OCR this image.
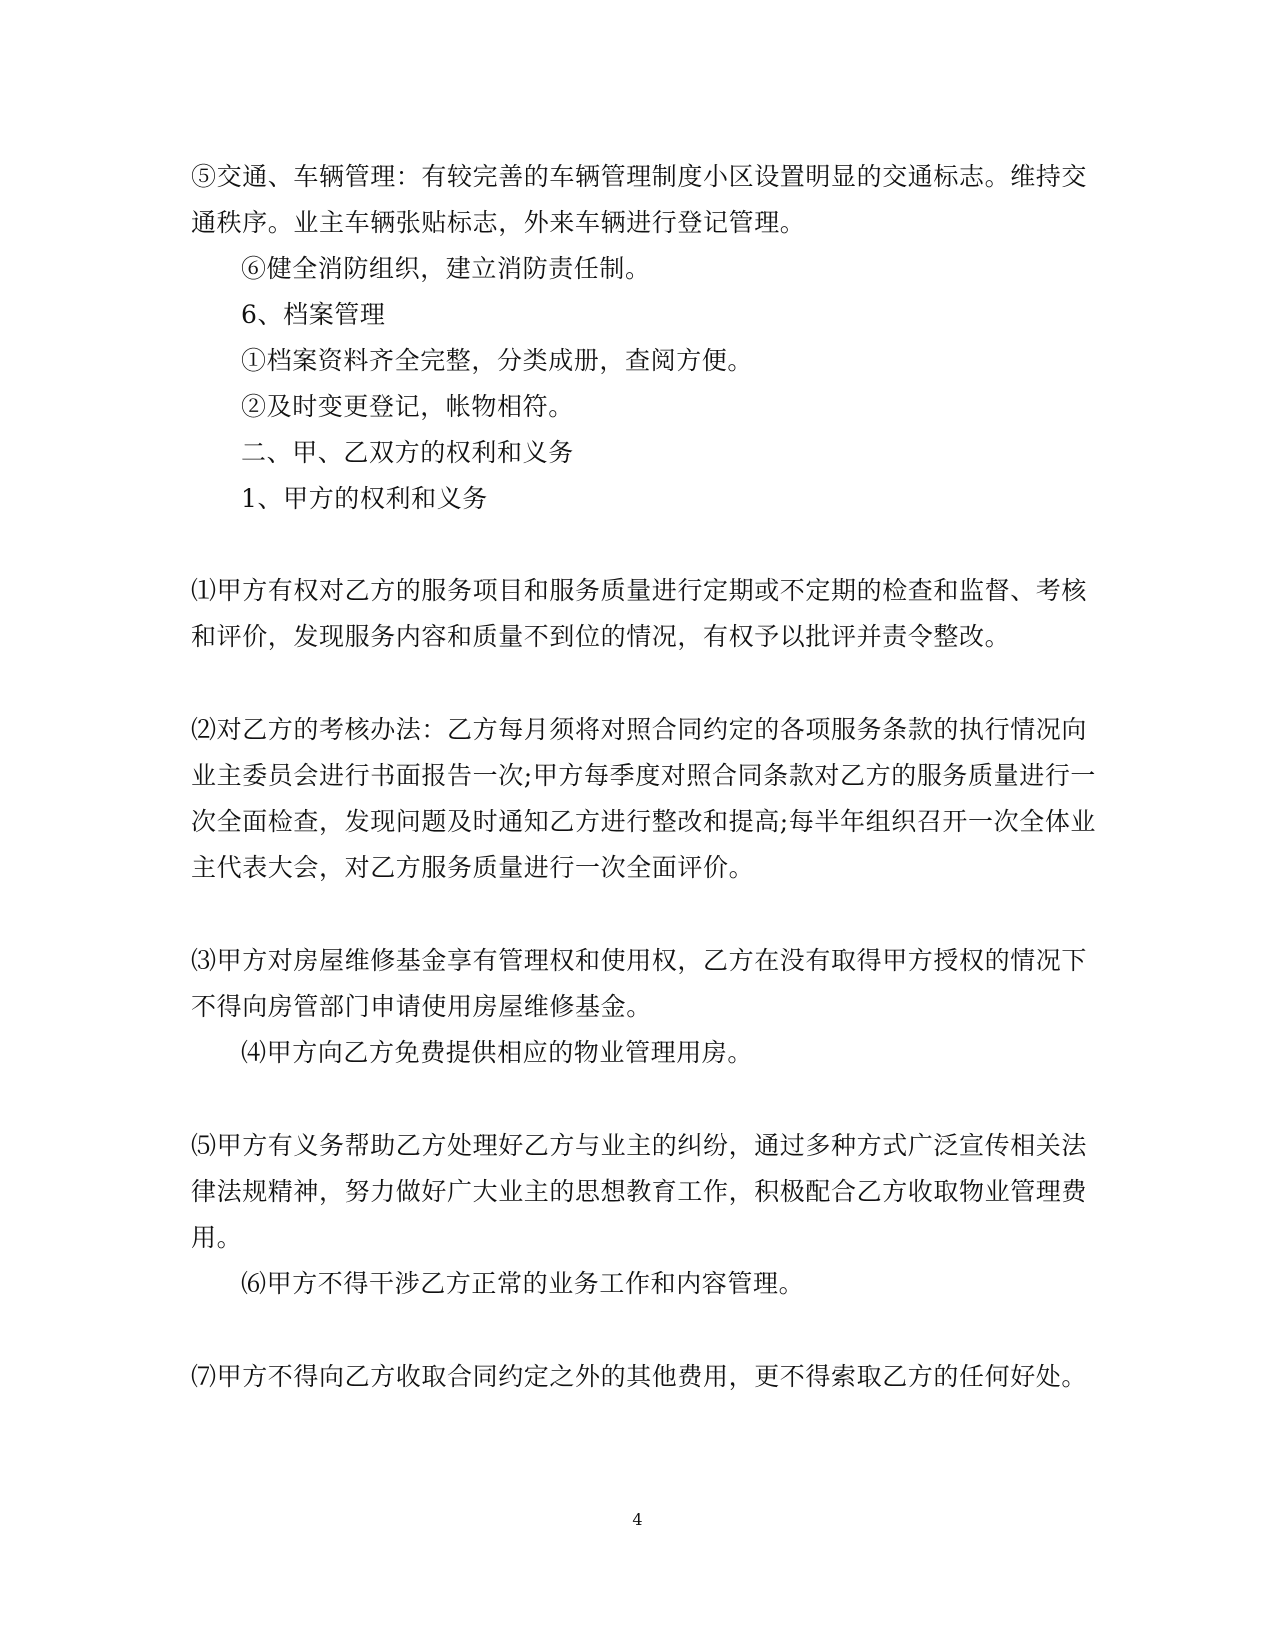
⑤交通、车辆管理：有较完善的车辆管理制度小区设置明显的交通标志。维持交
通秩序。业主车辆张贴标志，外来车辆进行登记管理。
⑥健全消防组织，建立消防责任制。
6、档案管理
①档案资料齐全完整，分类成册，查阅方便。
②及时变更登记，帐物相符。
二、甲、乙双方的权利和义务
1、甲方的权利和义务
⑴甲方有权对乙方的服务项目和服务质量进行定期或不定期的检查和监督、考核
和评价，发现服务内容和质量不到位的情况，有权予以批评并责令整改。
⑵对乙方的考核办法：乙方每月须将对照合同约定的各项服务条款的执行情况向
业主委员会进行书面报告一次;甲方每季度对照合同条款对乙方的服务质量进行一
次全面检查，发现问题及时通知乙方进行整改和提高;每半年组织召开一次全体业
主代表大会，对乙方服务质量进行一次全面评价。
⑶甲方对房屋维修基金享有管理权和使用权，乙方在没有取得甲方授权的情况下
不得向房管部门申请使用房屋维修基金。
⑷甲方向乙方免费提供相应的物业管理用房。
⑸甲方有义务帮助乙方处理好乙方与业主的纠纷，通过多种方式广泛宣传相关法
律法规精神，努力做好广大业主的思想教育工作，积极配合乙方收取物业管理费
用。
⑹甲方不得干涉乙方正常的业务工作和内容管理。
⑺甲方不得向乙方收取合同约定之外的其他费用，更不得索取乙方的任何好处。
4
